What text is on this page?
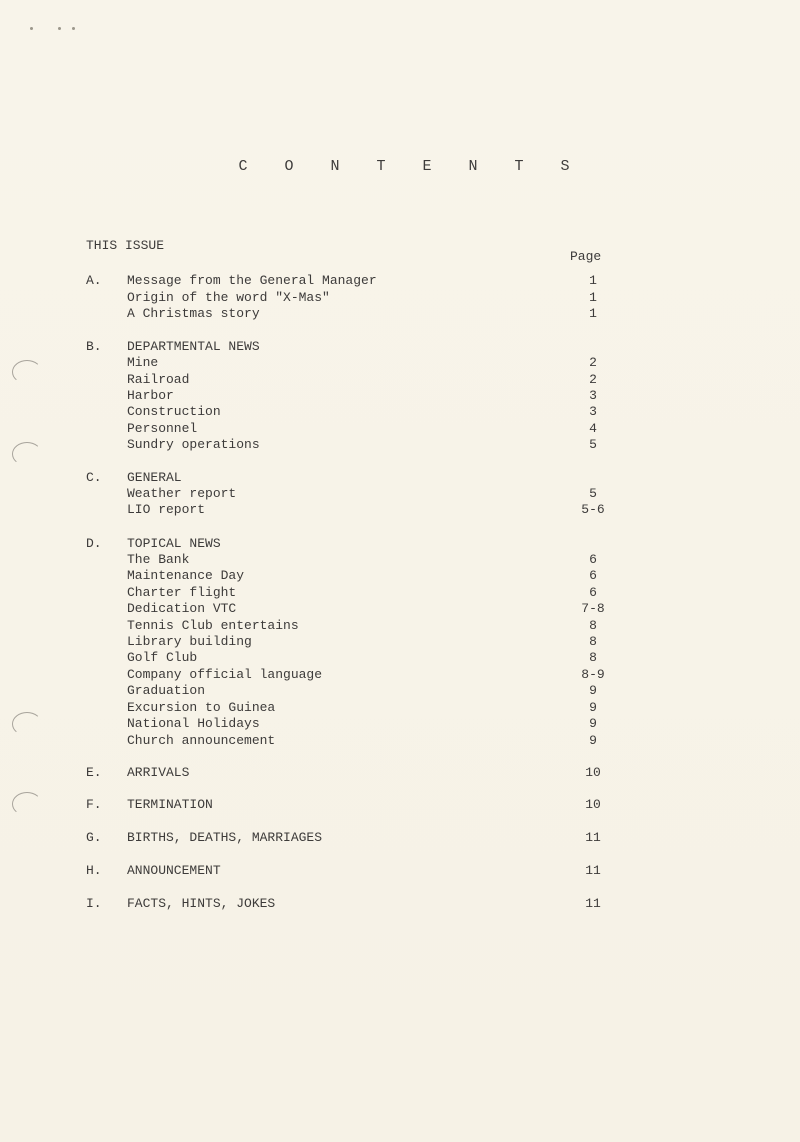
C O N T E N T S
THIS ISSUE
Page
A.	Message from the General Manager	1
Origin of the word "X-Mas"	1
A Christmas story	1
B.	DEPARTMENTAL NEWS
Mine	2
Railroad	2
Harbor	3
Construction	3
Personnel	4
Sundry operations	5
C.	GENERAL
Weather report	5
LIO report	5-6
D.	TOPICAL NEWS
The Bank	6
Maintenance Day	6
Charter flight	6
Dedication VTC	7-8
Tennis Club entertains	8
Library building	8
Golf Club	8
Company official language	8-9
Graduation	9
Excursion to Guinea	9
National Holidays	9
Church announcement	9
E.	ARRIVALS	10
F.	TERMINATION	10
G.	BIRTHS, DEATHS, MARRIAGES	11
H.	ANNOUNCEMENT	11
I.	FACTS, HINTS, JOKES	11
